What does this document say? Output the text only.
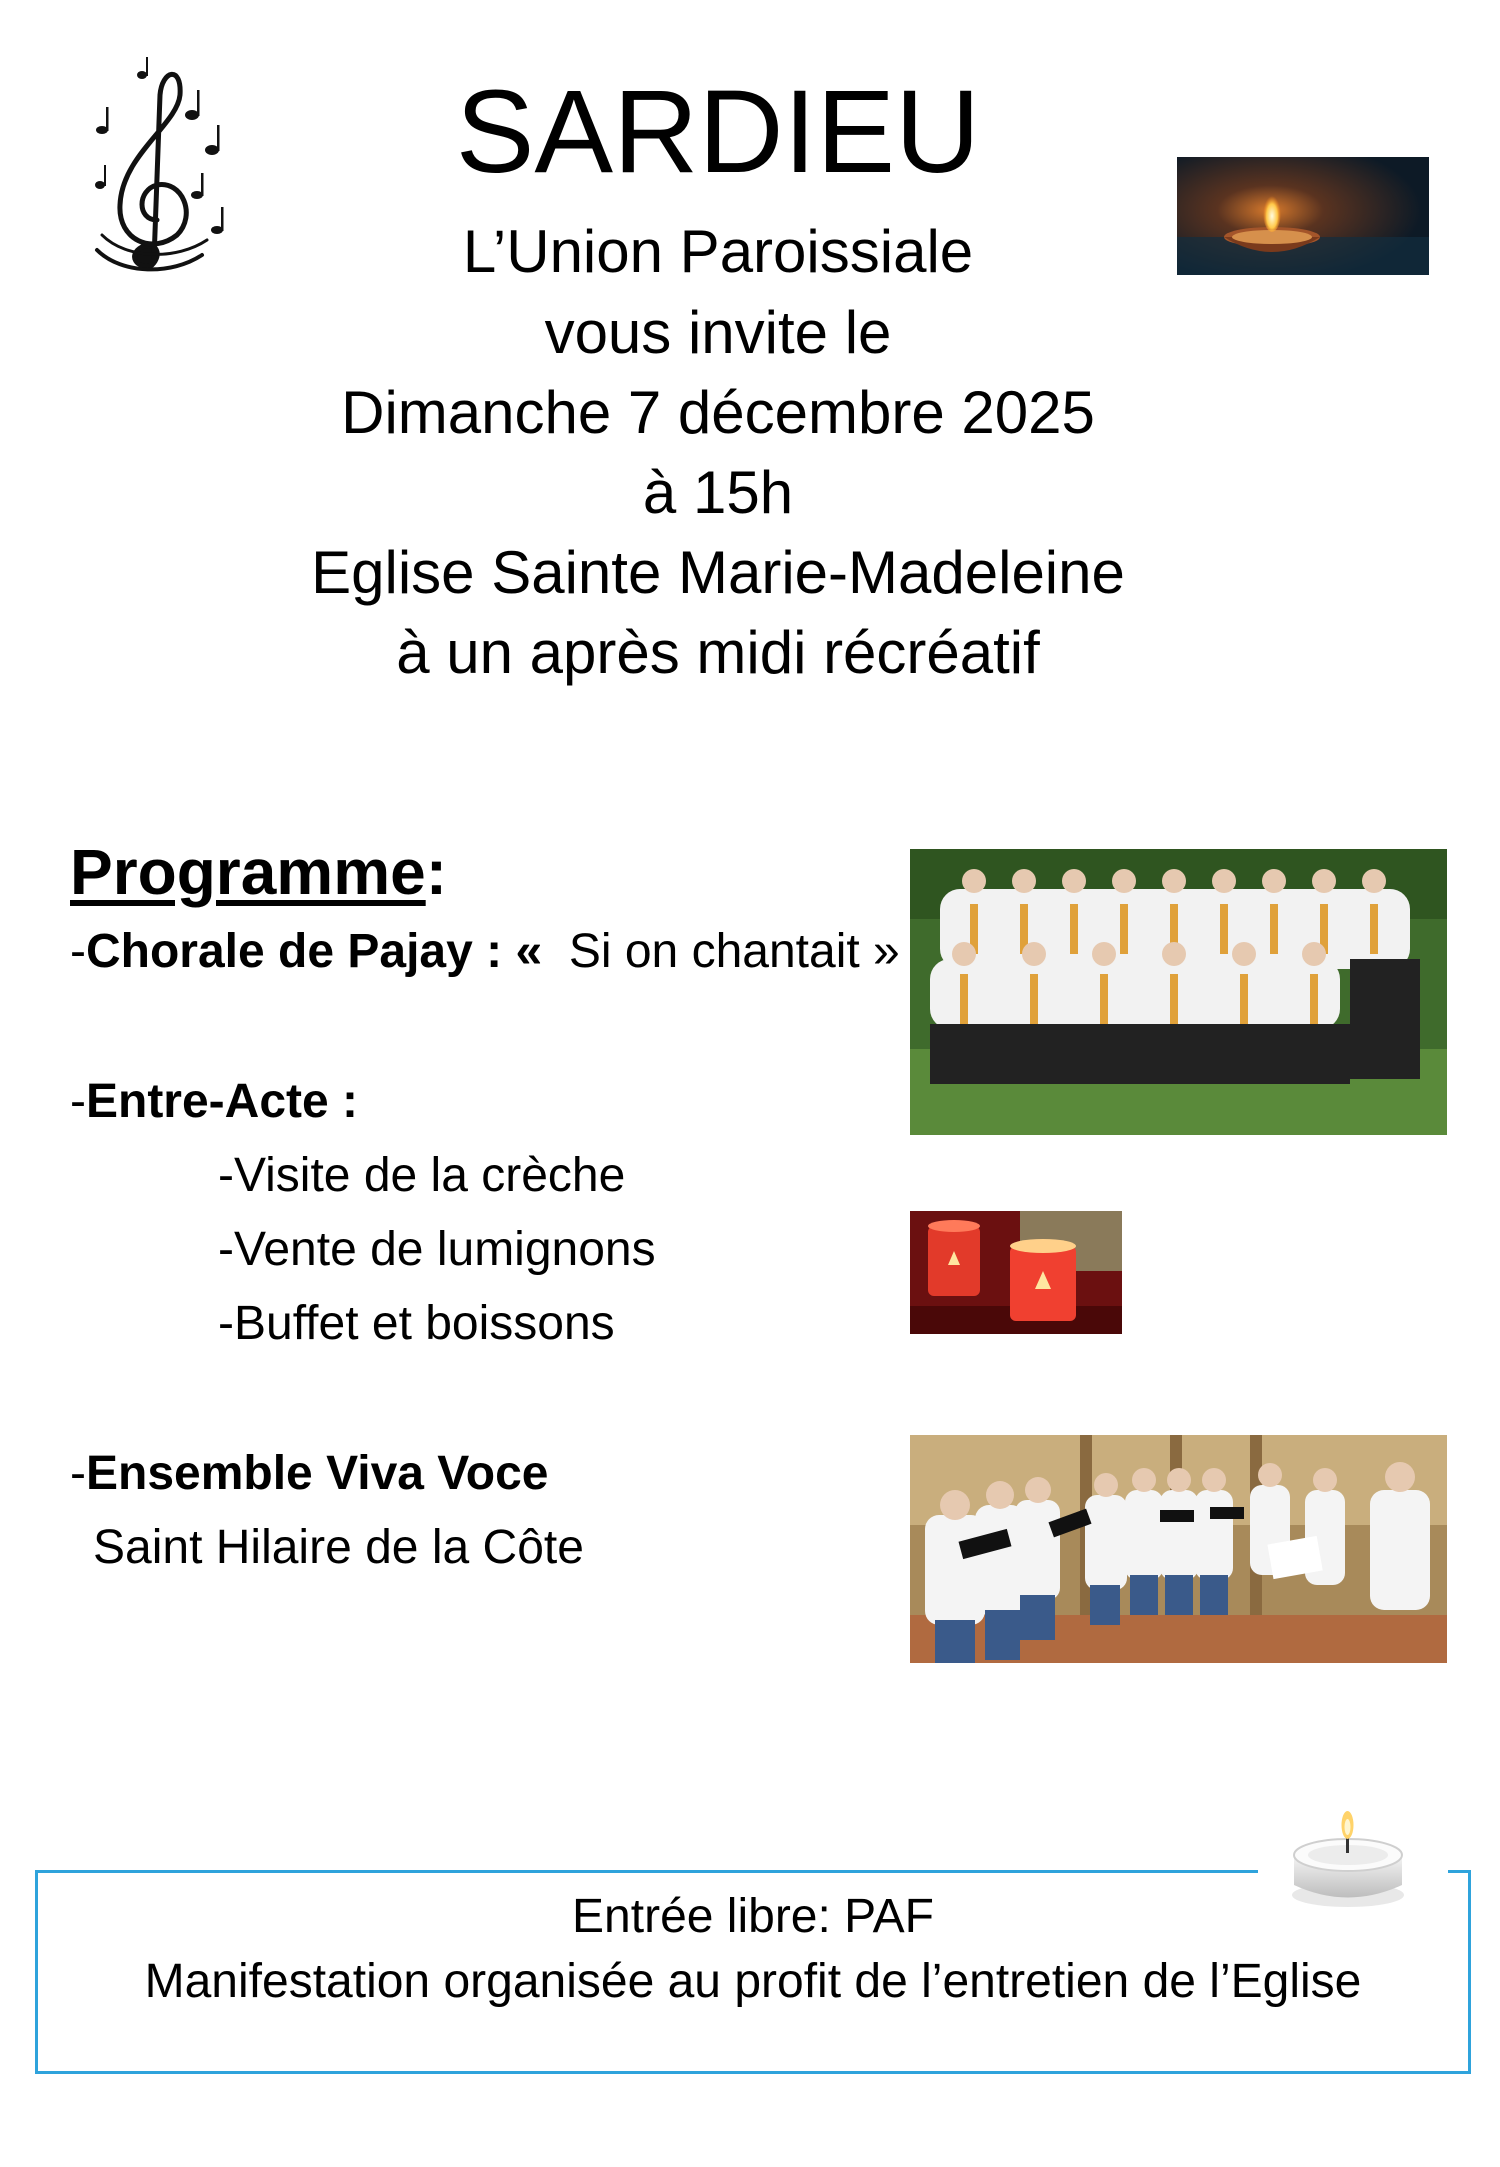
SARDIEU
L’Union Paroissiale
vous invite le
Dimanche 7 décembre 2025
à 15h
Eglise Sainte Marie-Madeleine
à un après midi récréatif
Programme:
-Chorale de Pajay : «  Si on chantait »
-Entre-Acte :
-Visite de la crèche
-Vente de lumignons
-Buffet et boissons
-Ensemble Viva Voce
Saint Hilaire de la Côte
Entrée libre: PAF
Manifestation organisée au profit de l’entretien de l’Eglise
